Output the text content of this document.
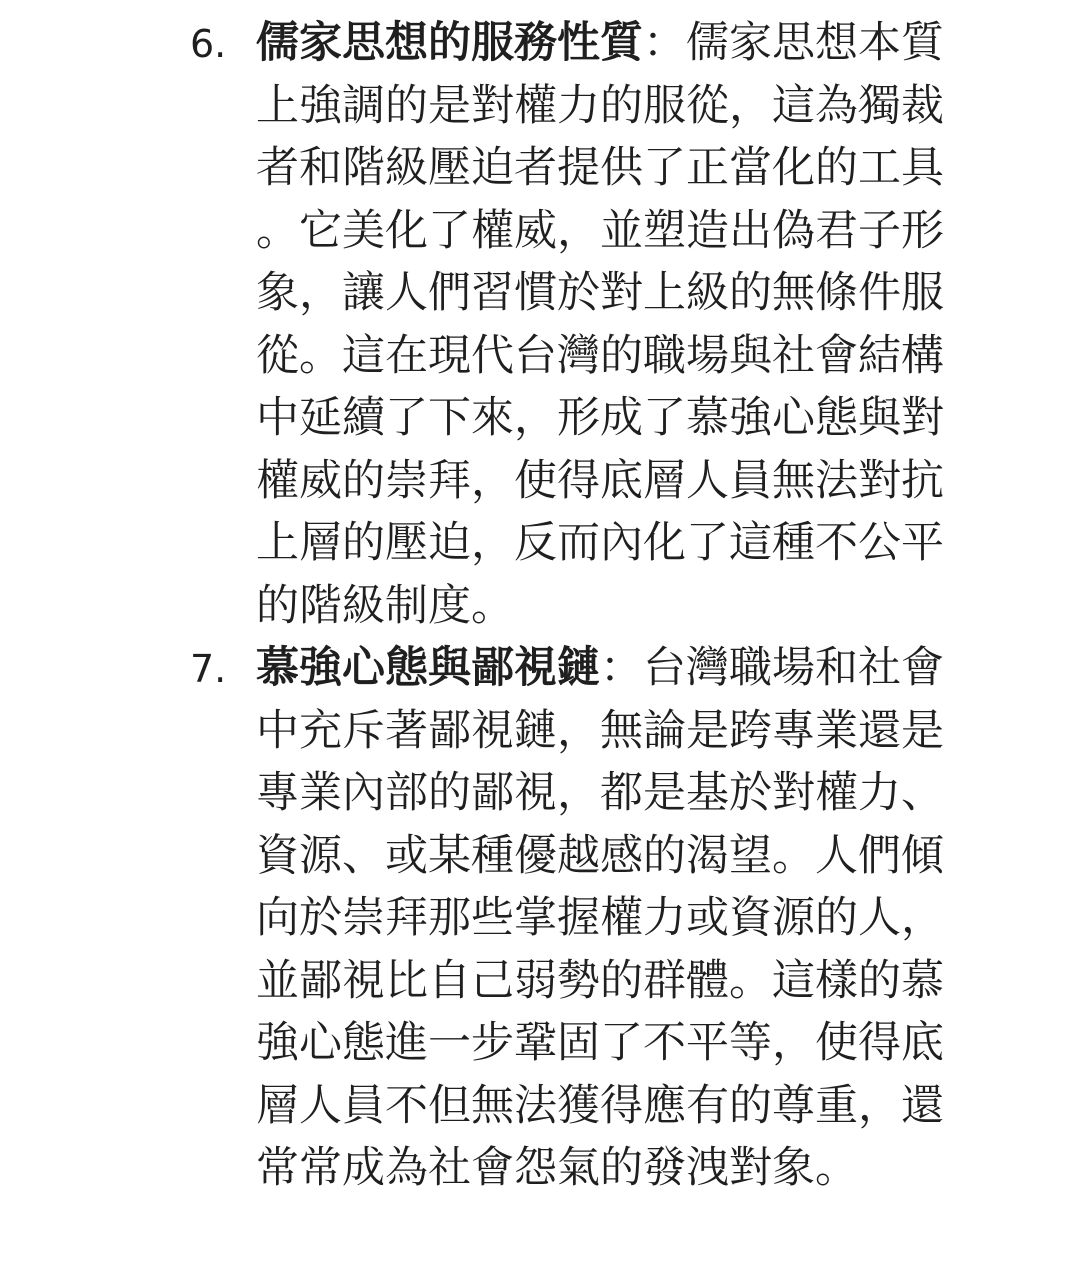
6. 儒家思想的服務性質：儒家思想本質上強調的是對權力的服從，這為獨裁者和階級壓迫者提供了正當化的工具。它美化了權威，並塑造出偽君子形象，讓人們習慣於對上級的無條件服從。這在現代台灣的職場與社會結構中延續了下來，形成了慕強心態與對權威的崇拜，使得底層人員無法對抗上層的壓迫，反而內化了這種不公平的階級制度。
7. 慕強心態與鄙視鏈：台灣職場和社會中充斥著鄙視鏈，無論是跨專業還是專業內部的鄙視，都是基於對權力、資源、或某種優越感的渴望。人們傾向於崇拜那些掌握權力或資源的人，並鄙視比自己弱勢的群體。這樣的慕強心態進一步鞏固了不平等，使得底層人員不但無法獲得應有的尊重，還常常成為社會怨氣的發洩對象。
